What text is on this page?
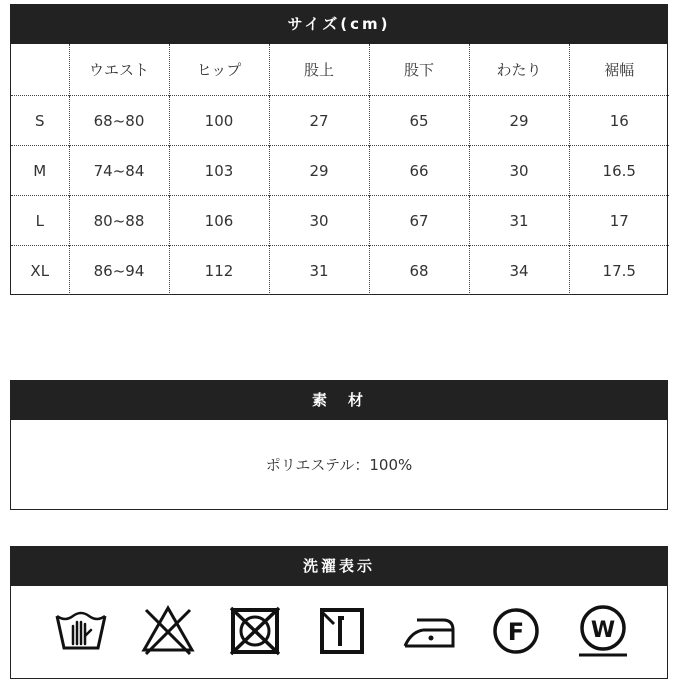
サイズ(cm)
	ウエスト	ヒップ	股上	股下	わたり	裾幅
S	68~80	100	27	65	29	16
M	74~84	103	29	66	30	16.5
L	80~88	106	30	67	31	17
XL	86~94	112	31	68	34	17.5
素　材
ポリエステル：100%
洗濯表示
F	W
